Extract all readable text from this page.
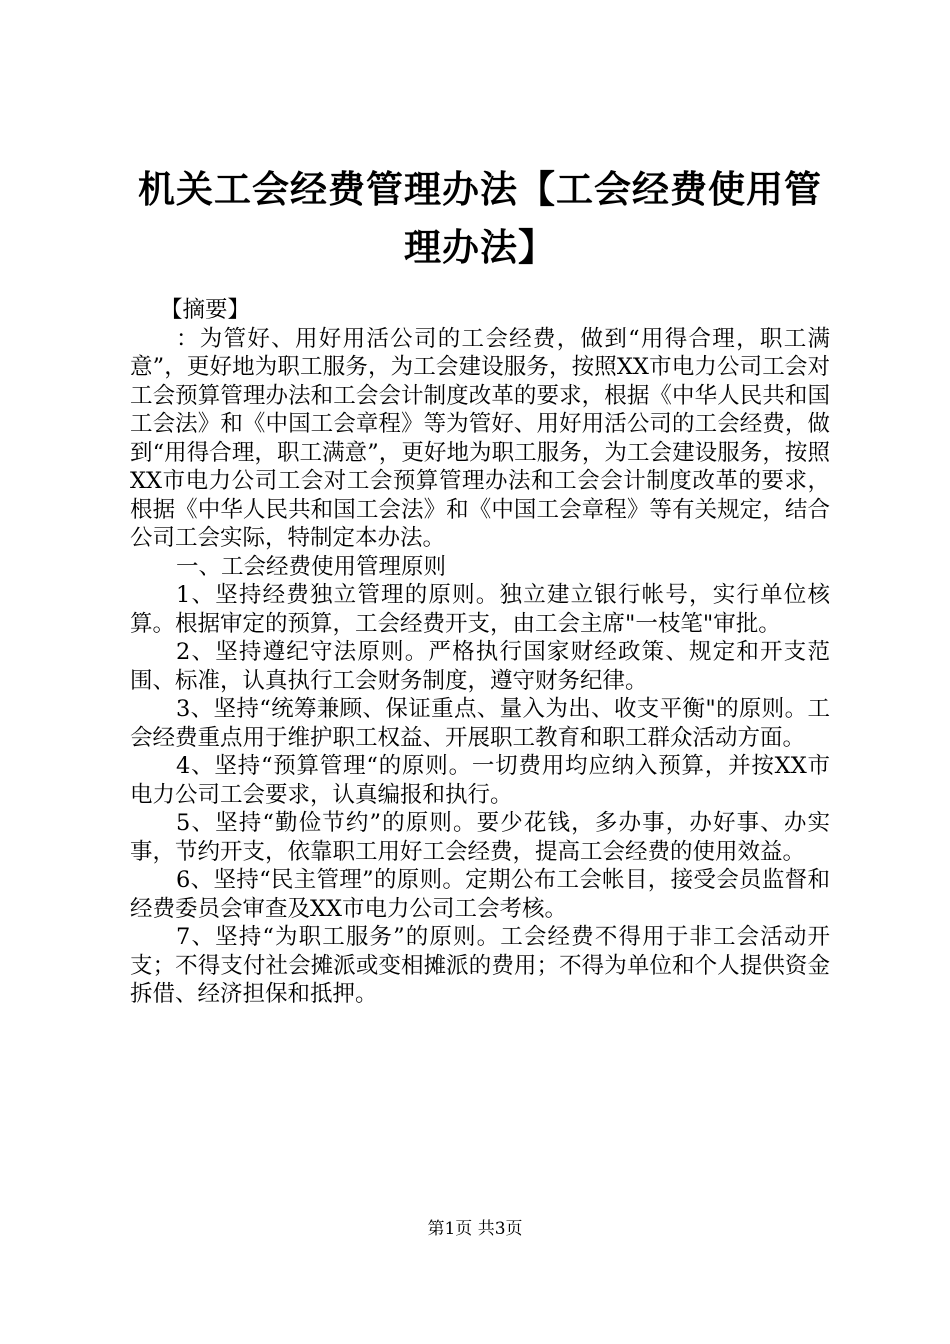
机关工会经费管理办法【工会经费使用管理办法】

【摘要】

：为管好、用好用活公司的工会经费，做到“用得合理，职工满意”，更好地为职工服务，为工会建设服务，按照XX市电力公司工会对工会预算管理办法和工会会计制度改革的要求，根据《中华人民共和国工会法》和《中国工会章程》等为管好、用好用活公司的工会经费，做到“用得合理，职工满意”，更好地为职工服务，为工会建设服务，按照XX市电力公司工会对工会预算管理办法和工会会计制度改革的要求，根据《中华人民共和国工会法》和《中国工会章程》等有关规定，结合公司工会实际，特制定本办法。

一、工会经费使用管理原则

1、坚持经费独立管理的原则。独立建立银行帐号，实行单位核算。根据审定的预算，工会经费开支，由工会主席"一枝笔"审批。

2、坚持遵纪守法原则。严格执行国家财经政策、规定和开支范围、标准，认真执行工会财务制度，遵守财务纪律。

3、坚持“统筹兼顾、保证重点、量入为出、收支平衡"的原则。工会经费重点用于维护职工权益、开展职工教育和职工群众活动方面。

4、坚持“预算管理“的原则。一切费用均应纳入预算，并按XX市电力公司工会要求，认真编报和执行。

5、坚持“勤俭节约”的原则。要少花钱，多办事，办好事、办实事，节约开支，依靠职工用好工会经费，提高工会经费的使用效益。

6、坚持“民主管理”的原则。定期公布工会帐目，接受会员监督和经费委员会审查及XX市电力公司工会考核。

7、坚持“为职工服务”的原则。工会经费不得用于非工会活动开支；不得支付社会摊派或变相摊派的费用；不得为单位和个人提供资金拆借、经济担保和抵押。

第1页 共3页
